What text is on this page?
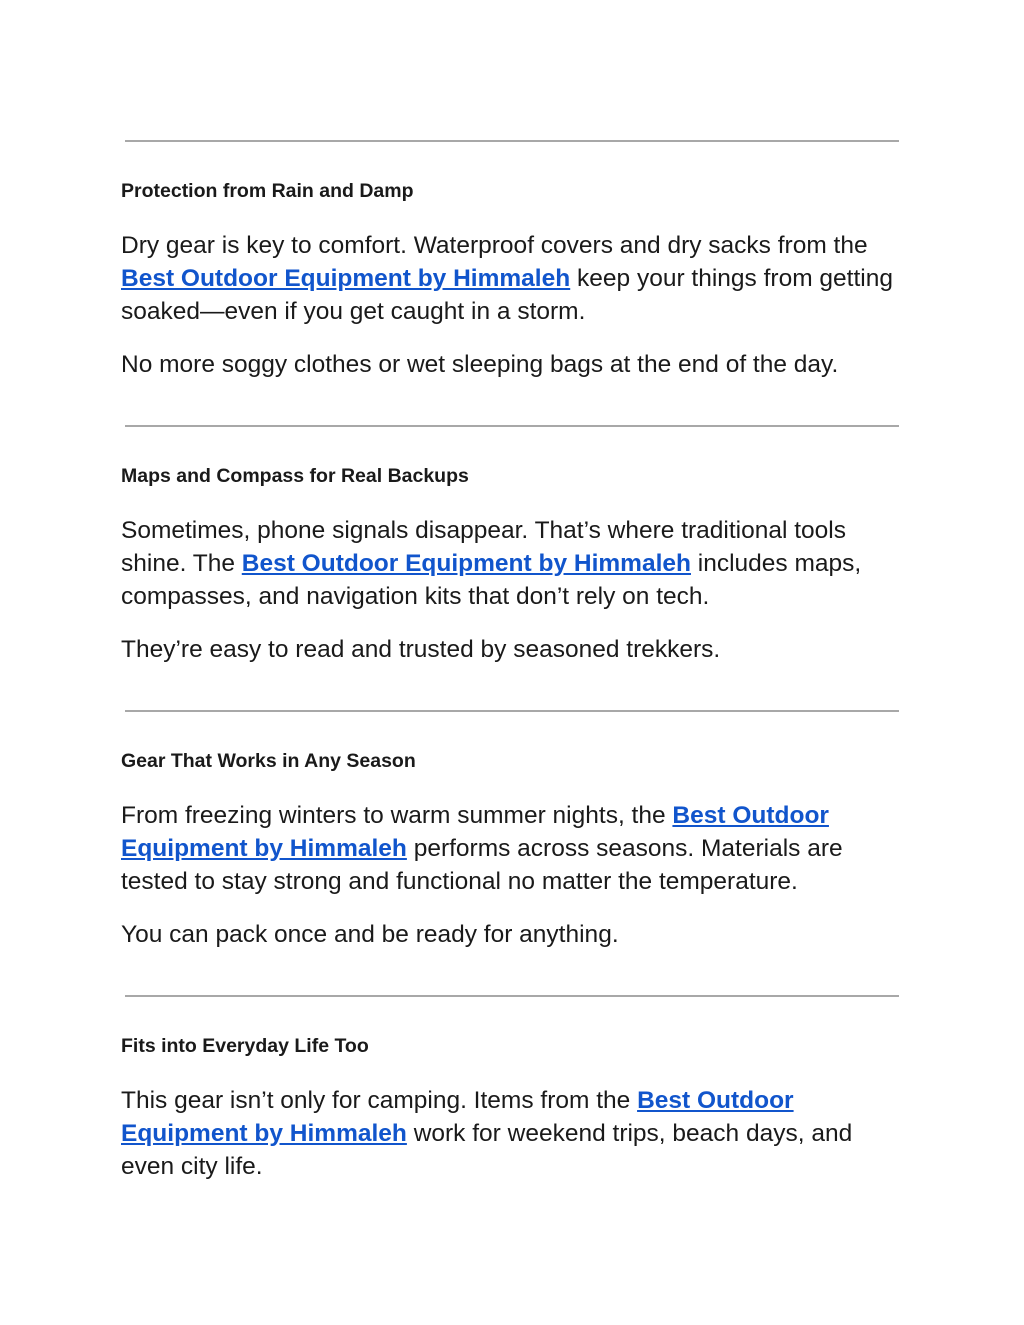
Protection from Rain and Damp

Dry gear is key to comfort. Waterproof covers and dry sacks from the Best Outdoor Equipment by Himmaleh keep your things from getting soaked—even if you get caught in a storm.

No more soggy clothes or wet sleeping bags at the end of the day.

Maps and Compass for Real Backups

Sometimes, phone signals disappear. That’s where traditional tools shine. The Best Outdoor Equipment by Himmaleh includes maps, compasses, and navigation kits that don’t rely on tech.

They’re easy to read and trusted by seasoned trekkers.

Gear That Works in Any Season

From freezing winters to warm summer nights, the Best Outdoor Equipment by Himmaleh performs across seasons. Materials are tested to stay strong and functional no matter the temperature.

You can pack once and be ready for anything.

Fits into Everyday Life Too

This gear isn’t only for camping. Items from the Best Outdoor Equipment by Himmaleh work for weekend trips, beach days, and even city life.
